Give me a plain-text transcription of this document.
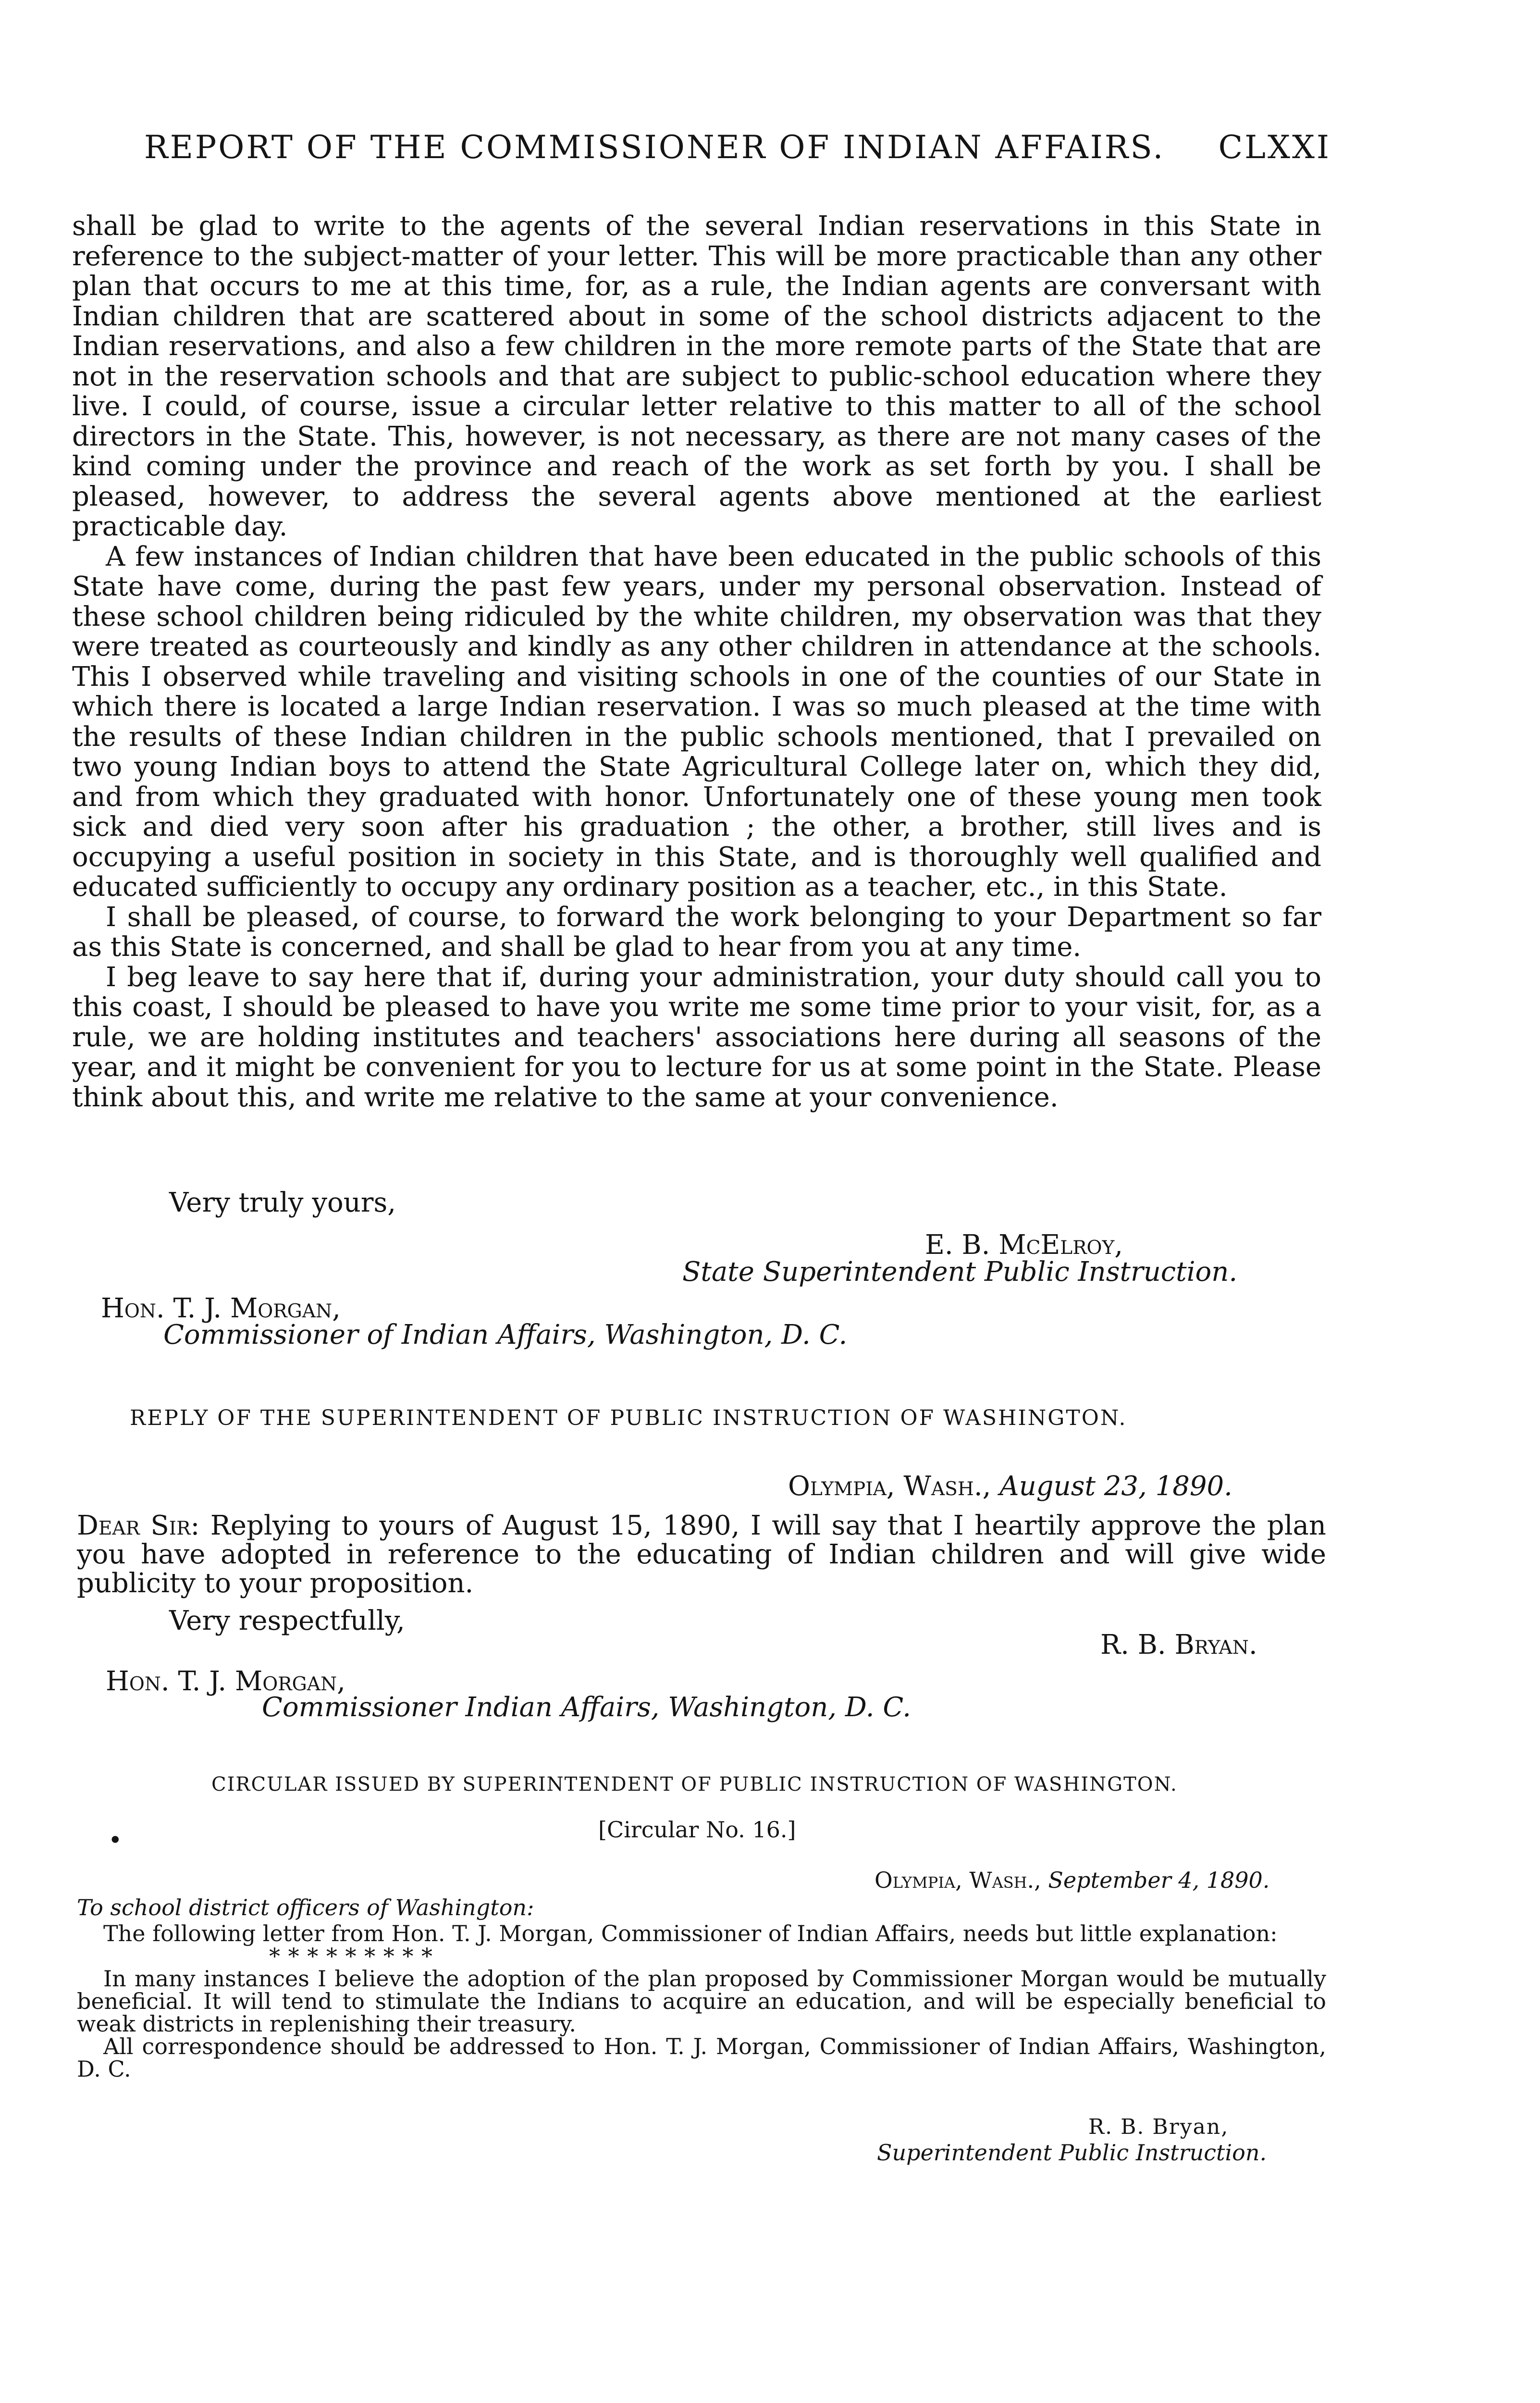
REPORT OF THE COMMISSIONER OF INDIAN AFFAIRS. CLXXI

shall be glad to write to the agents of the several Indian reservations in this State in reference to the subject-matter of your letter. This will be more practicable than any other plan that occurs to me at this time, for, as a rule, the Indian agents are conversant with Indian children that are scattered about in some of the school districts adjacent to the Indian reservations, and also a few children in the more remote parts of the State that are not in the reservation schools and that are subject to public-school education where they live. I could, of course, issue a circular letter relative to this matter to all of the school directors in the State. This, however, is not necessary, as there are not many cases of the kind coming under the province and reach of the work as set forth by you. I shall be pleased, however, to address the several agents above mentioned at the earliest practicable day.

A few instances of Indian children that have been educated in the public schools of this State have come, during the past few years, under my personal observation. Instead of these school children being ridiculed by the white children, my observation was that they were treated as courteously and kindly as any other children in attendance at the schools. This I observed while traveling and visiting schools in one of the counties of our State in which there is located a large Indian reservation. I was so much pleased at the time with the results of these Indian children in the public schools mentioned, that I prevailed on two young Indian boys to attend the State Agricultural College later on, which they did, and from which they graduated with honor. Unfortunately one of these young men took sick and died very soon after his graduation ; the other, a brother, still lives and is occupying a useful position in society in this State, and is thoroughly well qualified and educated sufficiently to occupy any ordinary position as a teacher, etc., in this State.

I shall be pleased, of course, to forward the work belonging to your Department so far as this State is concerned, and shall be glad to hear from you at any time.

I beg leave to say here that if, during your administration, your duty should call you to this coast, I should be pleased to have you write me some time prior to your visit, for, as a rule, we are holding institutes and teachers' associations here during all seasons of the year, and it might be convenient for you to lecture for us at some point in the State. Please think about this, and write me relative to the same at your convenience.

Very truly yours,
E. B. McElroy,
State Superintendent Public Instruction.
Hon. T. J. Morgan,
Commissioner of Indian Affairs, Washington, D. C.
REPLY OF THE SUPERINTENDENT OF PUBLIC INSTRUCTION OF WASHINGTON.
Olympia, Wash., August 23, 1890.

Dear Sir: Replying to yours of August 15, 1890, I will say that I heartily approve the plan you have adopted in reference to the educating of Indian children and will give wide publicity to your proposition.

Very respectfully,
R. B. Bryan.
Hon. T. J. Morgan,
Commissioner Indian Affairs, Washington, D. C.
CIRCULAR ISSUED BY SUPERINTENDENT OF PUBLIC INSTRUCTION OF WASHINGTON.
•	[Circular No. 16.]
Olympia, Wash., September 4, 1890.
To school district officers of Washington:

The following letter from Hon. T. J. Morgan, Commissioner of Indian Affairs, needs but little explanation:

* * * * * * * * *

In many instances I believe the adoption of the plan proposed by Commissioner Morgan would be mutually beneficial. It will tend to stimulate the Indians to acquire an education, and will be especially beneficial to weak districts in replenishing their treasury.

All correspondence should be addressed to Hon. T. J. Morgan, Commissioner of Indian Affairs, Washington, D. C.

R. B. Bryan,
Superintendent Public Instruction.
